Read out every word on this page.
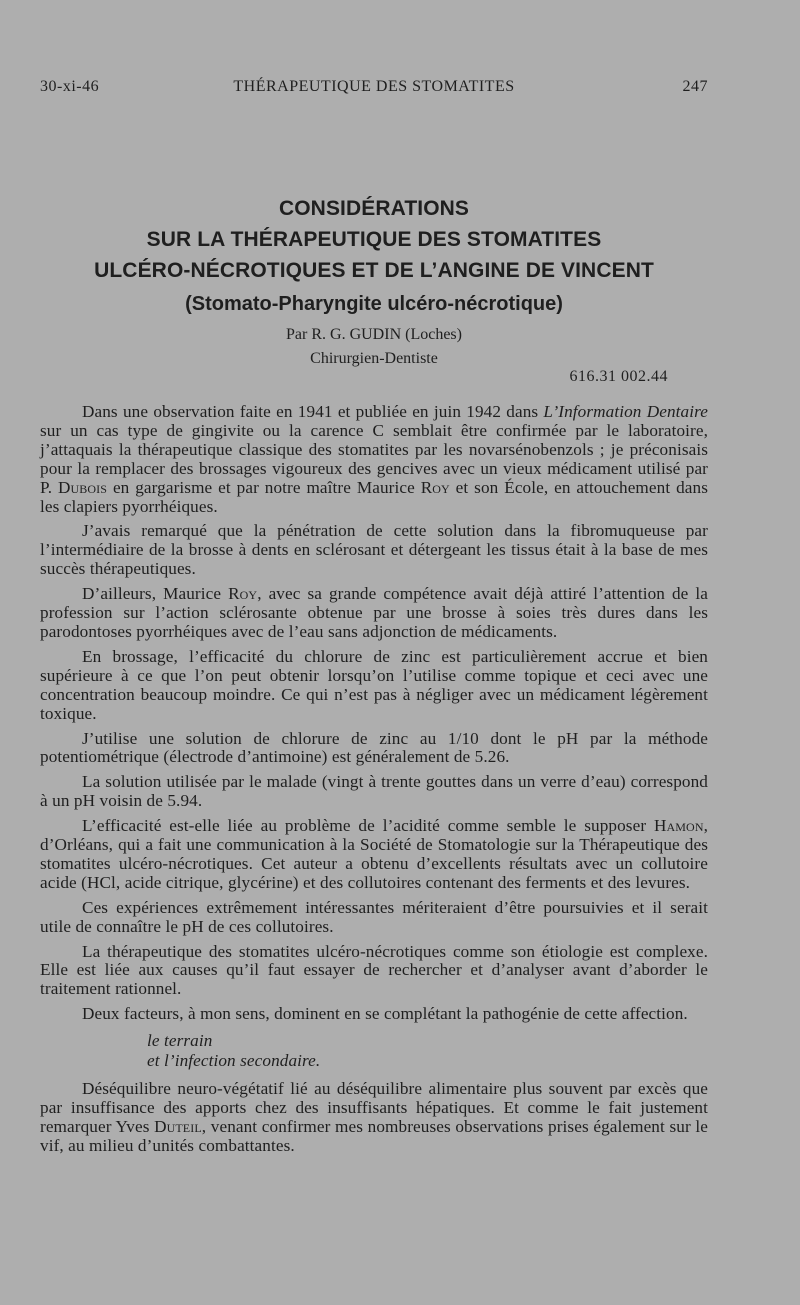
30-xi-46	THÉRAPEUTIQUE DES STOMATITES	247
CONSIDÉRATIONS
SUR LA THÉRAPEUTIQUE DES STOMATITES
ULCÉRO-NÉCROTIQUES ET DE L’ANGINE DE VINCENT
(Stomato-Pharyngite ulcéro-nécrotique)
Par R. G. GUDIN (Loches)
Chirurgien-Dentiste
616.31 002.44

Dans une observation faite en 1941 et publiée en juin 1942 dans L’Information Dentaire sur un cas type de gingivite ou la carence C semblait être confirmée par le laboratoire, j’attaquais la thérapeutique classique des stomatites par les novarsénobenzols ; je préconisais pour la remplacer des brossages vigoureux des gencives avec un vieux médicament utilisé par P. Dubois en gargarisme et par notre maître Maurice Roy et son École, en attouchement dans les clapiers pyorrhéiques.

J’avais remarqué que la pénétration de cette solution dans la fibromuqueuse par l’intermédiaire de la brosse à dents en sclérosant et détergeant les tissus était à la base de mes succès thérapeutiques.

D’ailleurs, Maurice Roy, avec sa grande compétence avait déjà attiré l’attention de la profession sur l’action sclérosante obtenue par une brosse à soies très dures dans les parodontoses pyorrhéiques avec de l’eau sans adjonction de médicaments.

En brossage, l’efficacité du chlorure de zinc est particulièrement accrue et bien supérieure à ce que l’on peut obtenir lorsqu’on l’utilise comme topique et ceci avec une concentration beaucoup moindre. Ce qui n’est pas à négliger avec un médicament légèrement toxique.

J’utilise une solution de chlorure de zinc au 1/10 dont le pH par la méthode potentiométrique (électrode d’antimoine) est généralement de 5.26.

La solution utilisée par le malade (vingt à trente gouttes dans un verre d’eau) correspond à un pH voisin de 5.94.

L’efficacité est-elle liée au problème de l’acidité comme semble le supposer Hamon, d’Orléans, qui a fait une communication à la Société de Stomatologie sur la Thérapeutique des stomatites ulcéro-nécrotiques. Cet auteur a obtenu d’excellents résultats avec un collutoire acide (HCl, acide citrique, glycérine) et des collutoires contenant des ferments et des levures.

Ces expériences extrêmement intéressantes mériteraient d’être poursuivies et il serait utile de connaître le pH de ces collutoires.

La thérapeutique des stomatites ulcéro-nécrotiques comme son étiologie est complexe. Elle est liée aux causes qu’il faut essayer de rechercher et d’analyser avant d’aborder le traitement rationnel.

Deux facteurs, à mon sens, dominent en se complétant la pathogénie de cette affection.

le terrain
et l’infection secondaire.

Déséquilibre neuro-végétatif lié au déséquilibre alimentaire plus souvent par excès que par insuffisance des apports chez des insuffisants hépatiques. Et comme le fait justement remarquer Yves Duteil, venant confirmer mes nombreuses observations prises également sur le vif, au milieu d’unités combattantes.
